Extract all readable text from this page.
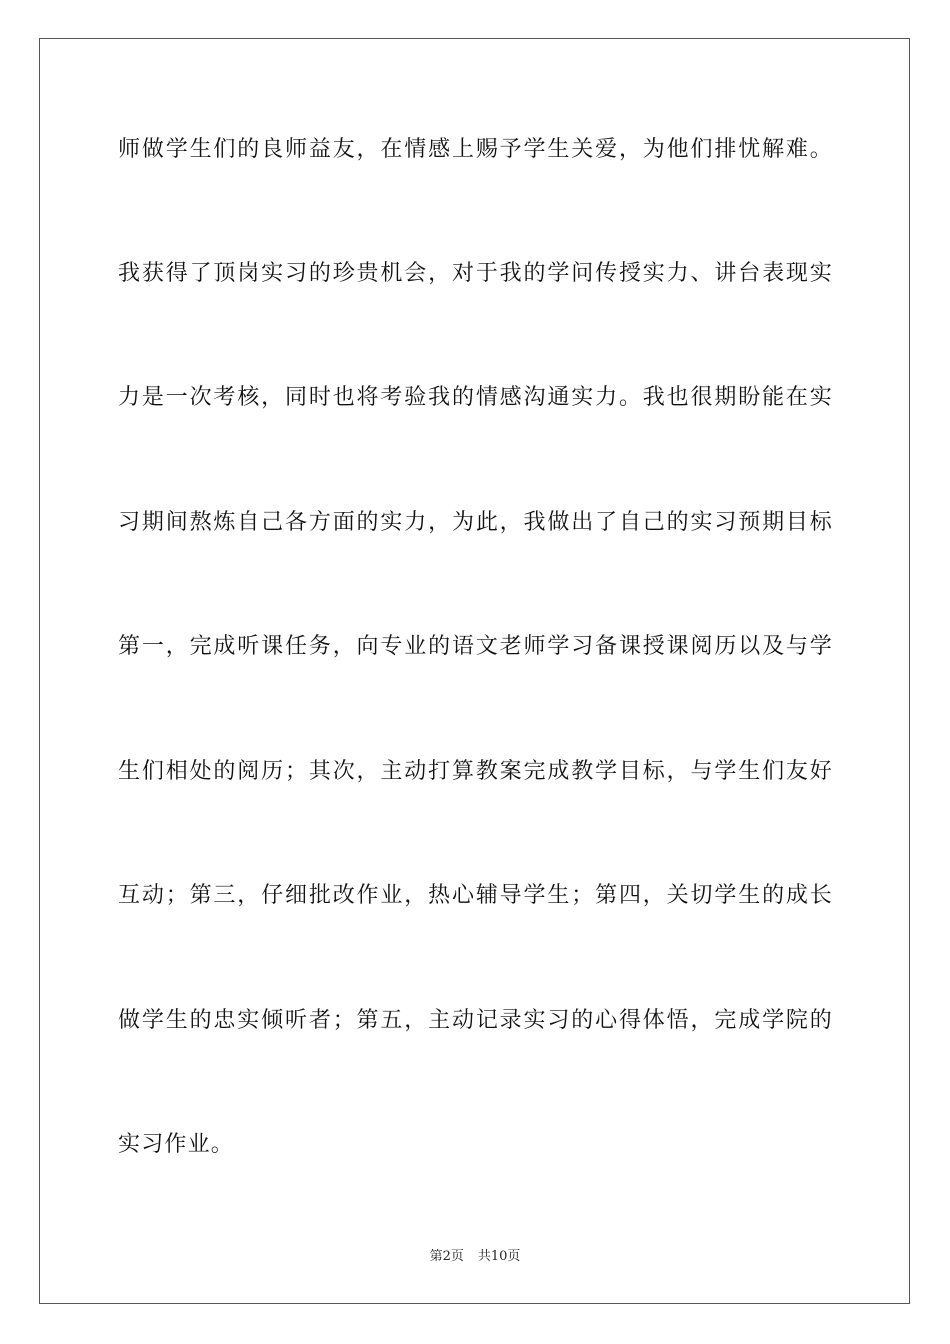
师做学生们的良师益友，在情感上赐予学生关爱，为他们排忧解难。
我获得了顶岗实习的珍贵机会，对于我的学问传授实力、讲台表现实
力是一次考核，同时也将考验我的情感沟通实力。我也很期盼能在实
习期间熬炼自己各方面的实力，为此，我做出了自己的实习预期目标
第一，完成听课任务，向专业的语文老师学习备课授课阅历以及与学
生们相处的阅历；其次，主动打算教案完成教学目标，与学生们友好
互动；第三，仔细批改作业，热心辅导学生；第四，关切学生的成长
做学生的忠实倾听者；第五，主动记录实习的心得体悟，完成学院的
实习作业。
第2页 共10页
